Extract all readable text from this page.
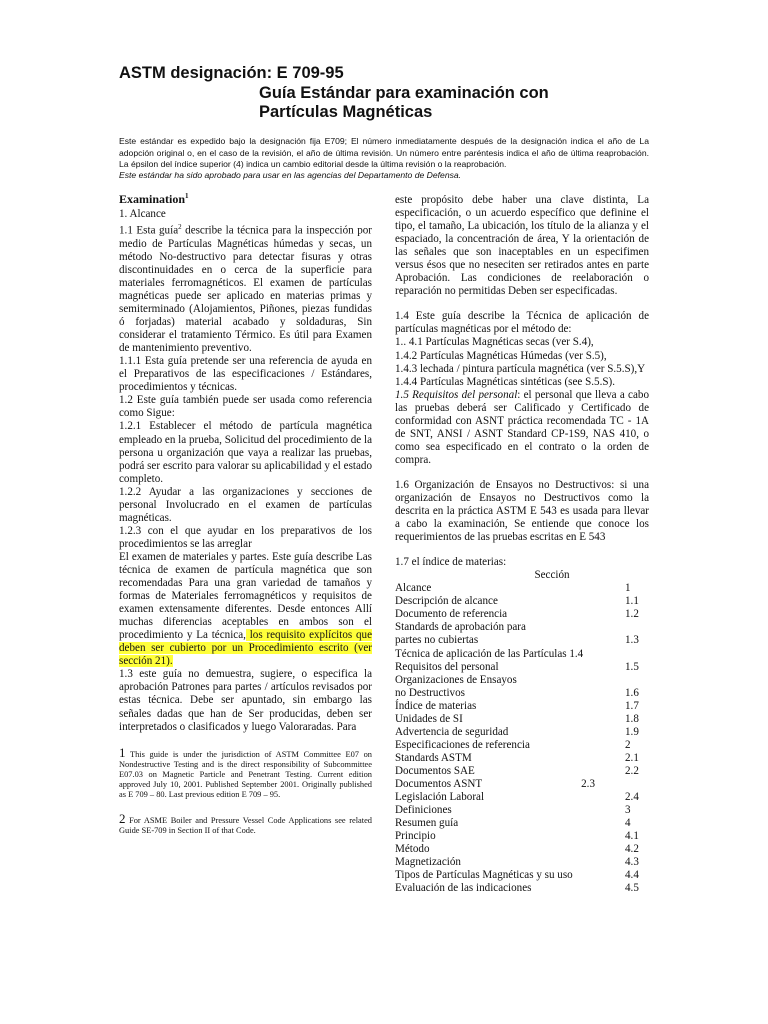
ASTM designación: E 709-95
Guía Estándar para examinación con Partículas Magnéticas
Este estándar es expedido bajo la designación fija E709; El número inmediatamente después de la designación indica el año de La adopción original o, en el caso de la revisión, el año de última revisión. Un número entre paréntesis indica el año de última reaprobación. La épsilon del índice superior (4) indica un cambio editorial desde la última revisión o la reaprobación.
Este estándar ha sido aprobado para usar en las agencias del Departamento de Defensa.
Examination$^1$

1. Alcance

1.1 Esta guía$^2$ describe la técnica para la inspección por medio de Partículas Magnéticas húmedas y secas, un método No-destructivo para detectar fisuras y otras discontinuidades en o cerca de la superficie para materiales ferromagnéticos. El examen de partículas magnéticas puede ser aplicado en materias primas y semiterminado (Alojamientos, Piñones, piezas fundidas ó forjadas) material acabado y soldaduras, Sin considerar el tratamiento Térmico. Es útil para Examen de mantenimiento preventivo.

1.1.1 Esta guía pretende ser una referencia de ayuda en el Preparativos de las especificaciones / Estándares, procedimientos y técnicas.

1.2 Este guía también puede ser usada como referencia como Sigue:

1.2.1 Establecer el método de partícula magnética empleado en la prueba, Solicitud del procedimiento de la persona u organización que vaya a realizar las pruebas, podrá ser escrito para valorar su aplicabilidad y el estado completo.

1.2.2 Ayudar a las organizaciones y secciones de personal Involucrado en el examen de partículas magnéticas.

1.2.3 con el que ayudar en los preparativos de los procedimientos se las arreglar

El examen de materiales y partes. Este guía describe Las técnica de examen de partícula magnética que son recomendadas Para una gran variedad de tamaños y formas de Materiales ferromagnéticos y requisitos de examen extensamente diferentes. Desde entonces Allí muchas diferencias aceptables en ambos son el procedimiento y La técnica, los requisito explícitos que deben ser cubierto por un Procedimiento escrito (ver sección 21).

1.3 este guía no demuestra, sugiere, o especifica la aprobación Patrones para partes / artículos revisados por estas técnica. Debe ser apuntado, sin embargo las señales dadas que han de Ser producidas, deben ser interpretados o clasificados y luego Valoraradas. Para

1 This guide is under the jurisdiction of ASTM Committee E07 on Nondestructive Testing and is the direct responsibility of Subcommittee E07.03 on Magnetic Particle and Penetrant Testing. Current edition approved July 10, 2001. Published September 2001. Originally published as E 709 – 80. Last previous edition E 709 – 95.

2 For ASME Boiler and Pressure Vessel Code Applications see related Guide SE-709 in Section II of that Code.

este propósito debe haber una clave distinta, La especificación, o un acuerdo específico que definine el tipo, el tamaño, La ubicación, los título de la alianza y el espaciado, la concentración de área, Y la orientación de las señales que son inaceptables en un especifimen versus ésos que no neseciten ser retirados antes en parte Aprobación. Las condiciones de reelaboración o reparación no permitidas Deben ser especificadas.

1.4 Este guía describe la Técnica de aplicación de partículas magnéticas por el método de:

1.. 4.1 Partículas Magnéticas secas (ver S.4),

1.4.2 Partículas Magnéticas Húmedas (ver S.5),

1.4.3 lechada / pintura partícula magnética (ver S.5.S),Y

1.4.4 Partículas Magnéticas sintéticas (see S.5.S).

1.5 Requisitos del personal: el personal que lleva a cabo las pruebas deberá ser Calificado y Certificado de conformidad con ASNT práctica recomendada TC - 1A de SNT, ANSI / ASNT Standard CP-1S9, NAS 410, o como sea especificado en el contrato o la orden de compra.

1.6 Organización de Ensayos no Destructivos: si una organización de Ensayos no Destructivos como la descrita en la práctica ASTM E 543 es usada para llevar a cabo la examinación, Se entiende que conoce los requerimientos de las pruebas escritas en E 543

1.7 el índice de materias:

Sección

Alcance	1
Descripción de alcance	1.1
Documento de referencia	1.2
Standards de aprobación para
partes no cubiertas	1.3
Técnica de aplicación de las Partículas 1.4
Requisitos del personal	1.5
Organizaciones de Ensayos
no Destructivos	1.6
Índice de materias	1.7
Unidades de SI	1.8
Advertencia de seguridad	1.9
Especificaciones de referencia	2
Standards ASTM	2.1
Documentos SAE	2.2
Documentos ASNT	2.3
Legislación Laboral	2.4
Definiciones	3
Resumen guía	4
Principio	4.1
Método	4.2
Magnetización	4.3
Tipos de Partículas Magnéticas y su uso	4.4
Evaluación de las indicaciones	4.5
